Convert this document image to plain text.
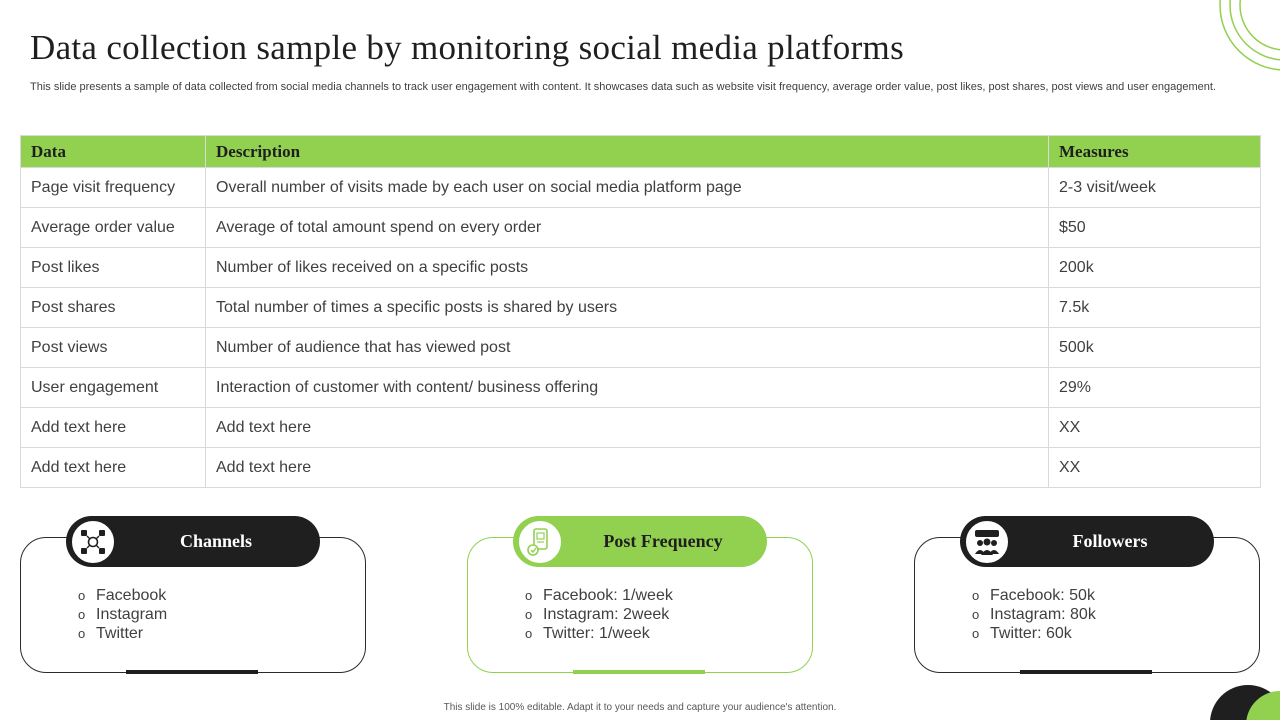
Data collection sample by monitoring social media platforms

This slide presents a sample of data collected from social media channels to track user engagement with content. It showcases data such as website visit frequency, average order value, post likes, post shares, post views and user engagement.

Data	Description	Measures
Page visit frequency	Overall number of visits made by each user on social media platform page	2-3 visit/week
Average order value	Average of total amount spend on every order	$50
Post likes	Number of likes received on a specific posts	200k
Post shares	Total number of times a specific posts is shared by users	7.5k
Post views	Number of audience that has viewed post	500k
User engagement	Interaction of customer with content/ business offering	29%
Add text here	Add text here	XX
Add text here	Add text here	XX
Channels
o Facebook
o Instagram
o Twitter
Post Frequency
o Facebook: 1/week
o Instagram: 2week
o Twitter: 1/week
Followers
o Facebook: 50k
o Instagram: 80k
o Twitter: 60k
This slide is 100% editable. Adapt it to your needs and capture your audience's attention.
